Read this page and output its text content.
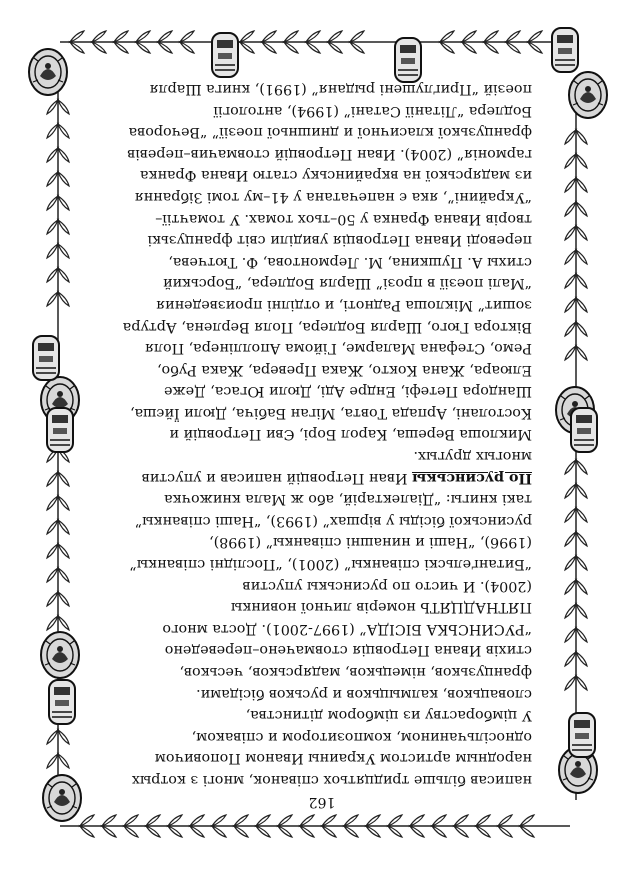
162
написав більше тридцятьох співанок, многі з котрых
народным артистом Украины Иваном Поповичом
односільчанином, композитором и співаком,
У цімбораству из цімбором дітинства,
словацьков, калмыцьков и руськов бісідами.
французьков, німецьков, мадярськов, чеськов,
стихів Ивана Петровція стовмачено–переведено
“РУСИНСЬКА БІСІДА” (1997-2001). Доста много
ПЯТНАДЦЯТЬ номерів личної новинкы
(2004). И чисто по русинськы упустив
“Битанґельскі співанкы” (2001), “Послідні співанкы”
(1996), “Наші и нинашні співанкы” (1998),
русинської бісіды у віршах” (1993), “Наші співанкы”
такі книгы: “Діалектарій, або ж Мала книжочка
По русинськы Иван Петровцій написав и упустив
многых другых.
Миклоша Вереша, Карол Борі, Єви Петровцій и
Костолані, Арпада Товта, Міган Бабіча, Дюли Їйєша,
Шандора Петефі, Ендре Аді, Дюли Югаса, Деже
Елюара, Жана Кокто, Жака Превера, Жака Рубо,
Ремо, Стефана Маларме, Гійома Аполлінера, Поля
Віктора Гюго, Шарля Бодлера, Поля Верлена, Артура
зошит” Міклоша Радноті, и отділні произведения
“Малі поезії в прозі” Шарля Бодлера, “Борський
стихы А. Пушкина, М. Лермонтова, Ф. Тютчева,
переводі Ивана Петровція увиділи світ французькі
творів Ивана Франка у 50–тьох томах. У томачтії–
“Украйині”, яка є напечатана у 41–му томі Зібрання
из мадярської на вкрайинську статю Ивана Франка
гармонія” (2004). Иван Петровцій стовмачив–перевів
французької класичної и днишньої поезії” “Вечорова
Бодлера “Літанії Сатані” (1994), антології
поезій “Приґлушені рыданя” (1991), книга Шарля
